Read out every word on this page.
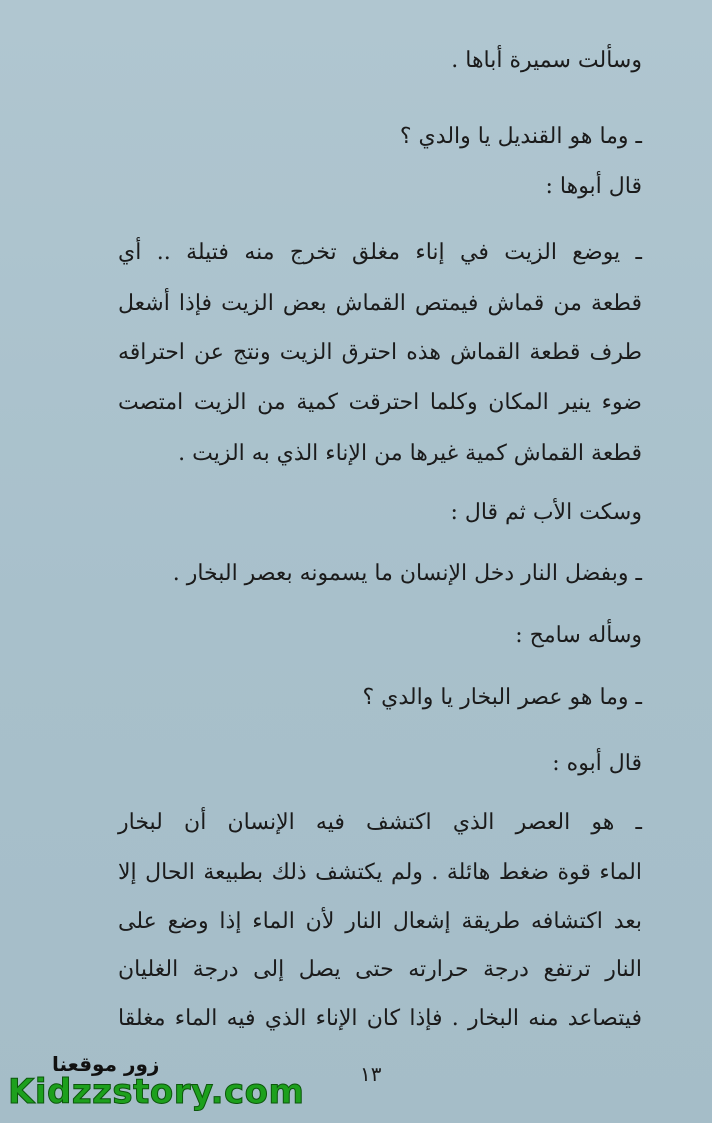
وسألت سميرة أباها .
ـ وما هو القنديل يا والدي ؟
قال أبوها :
ـ يوضع الزيت في إناء مغلق تخرج منه فتيلة .. أي
قطعة من قماش فيمتص القماش بعض الزيت فإذا أشعل
طرف قطعة القماش هذه احترق الزيت ونتج عن احتراقه
ضوء ينير المكان وكلما احترقت كمية من الزيت امتصت
قطعة القماش كمية غيرها من الإناء الذي به الزيت .
وسكت الأب ثم قال :
ـ وبفضل النار دخل الإنسان ما يسمونه بعصر البخار .
وسأله سامح :
ـ وما هو عصر البخار يا والدي ؟
قال أبوه :
ـ هو العصر الذي اكتشف فيه الإنسان أن لبخار
الماء قوة ضغط هائلة . ولم يكتشف ذلك بطبيعة الحال إلا
بعد اكتشافه طريقة إشعال النار لأن الماء إذا وضع على
النار ترتفع درجة حرارته حتى يصل إلى درجة الغليان
فيتصاعد منه البخار . فإذا كان الإناء الذي فيه الماء مغلقا
١٣
زور موقعنا
Kidzzstory.com
